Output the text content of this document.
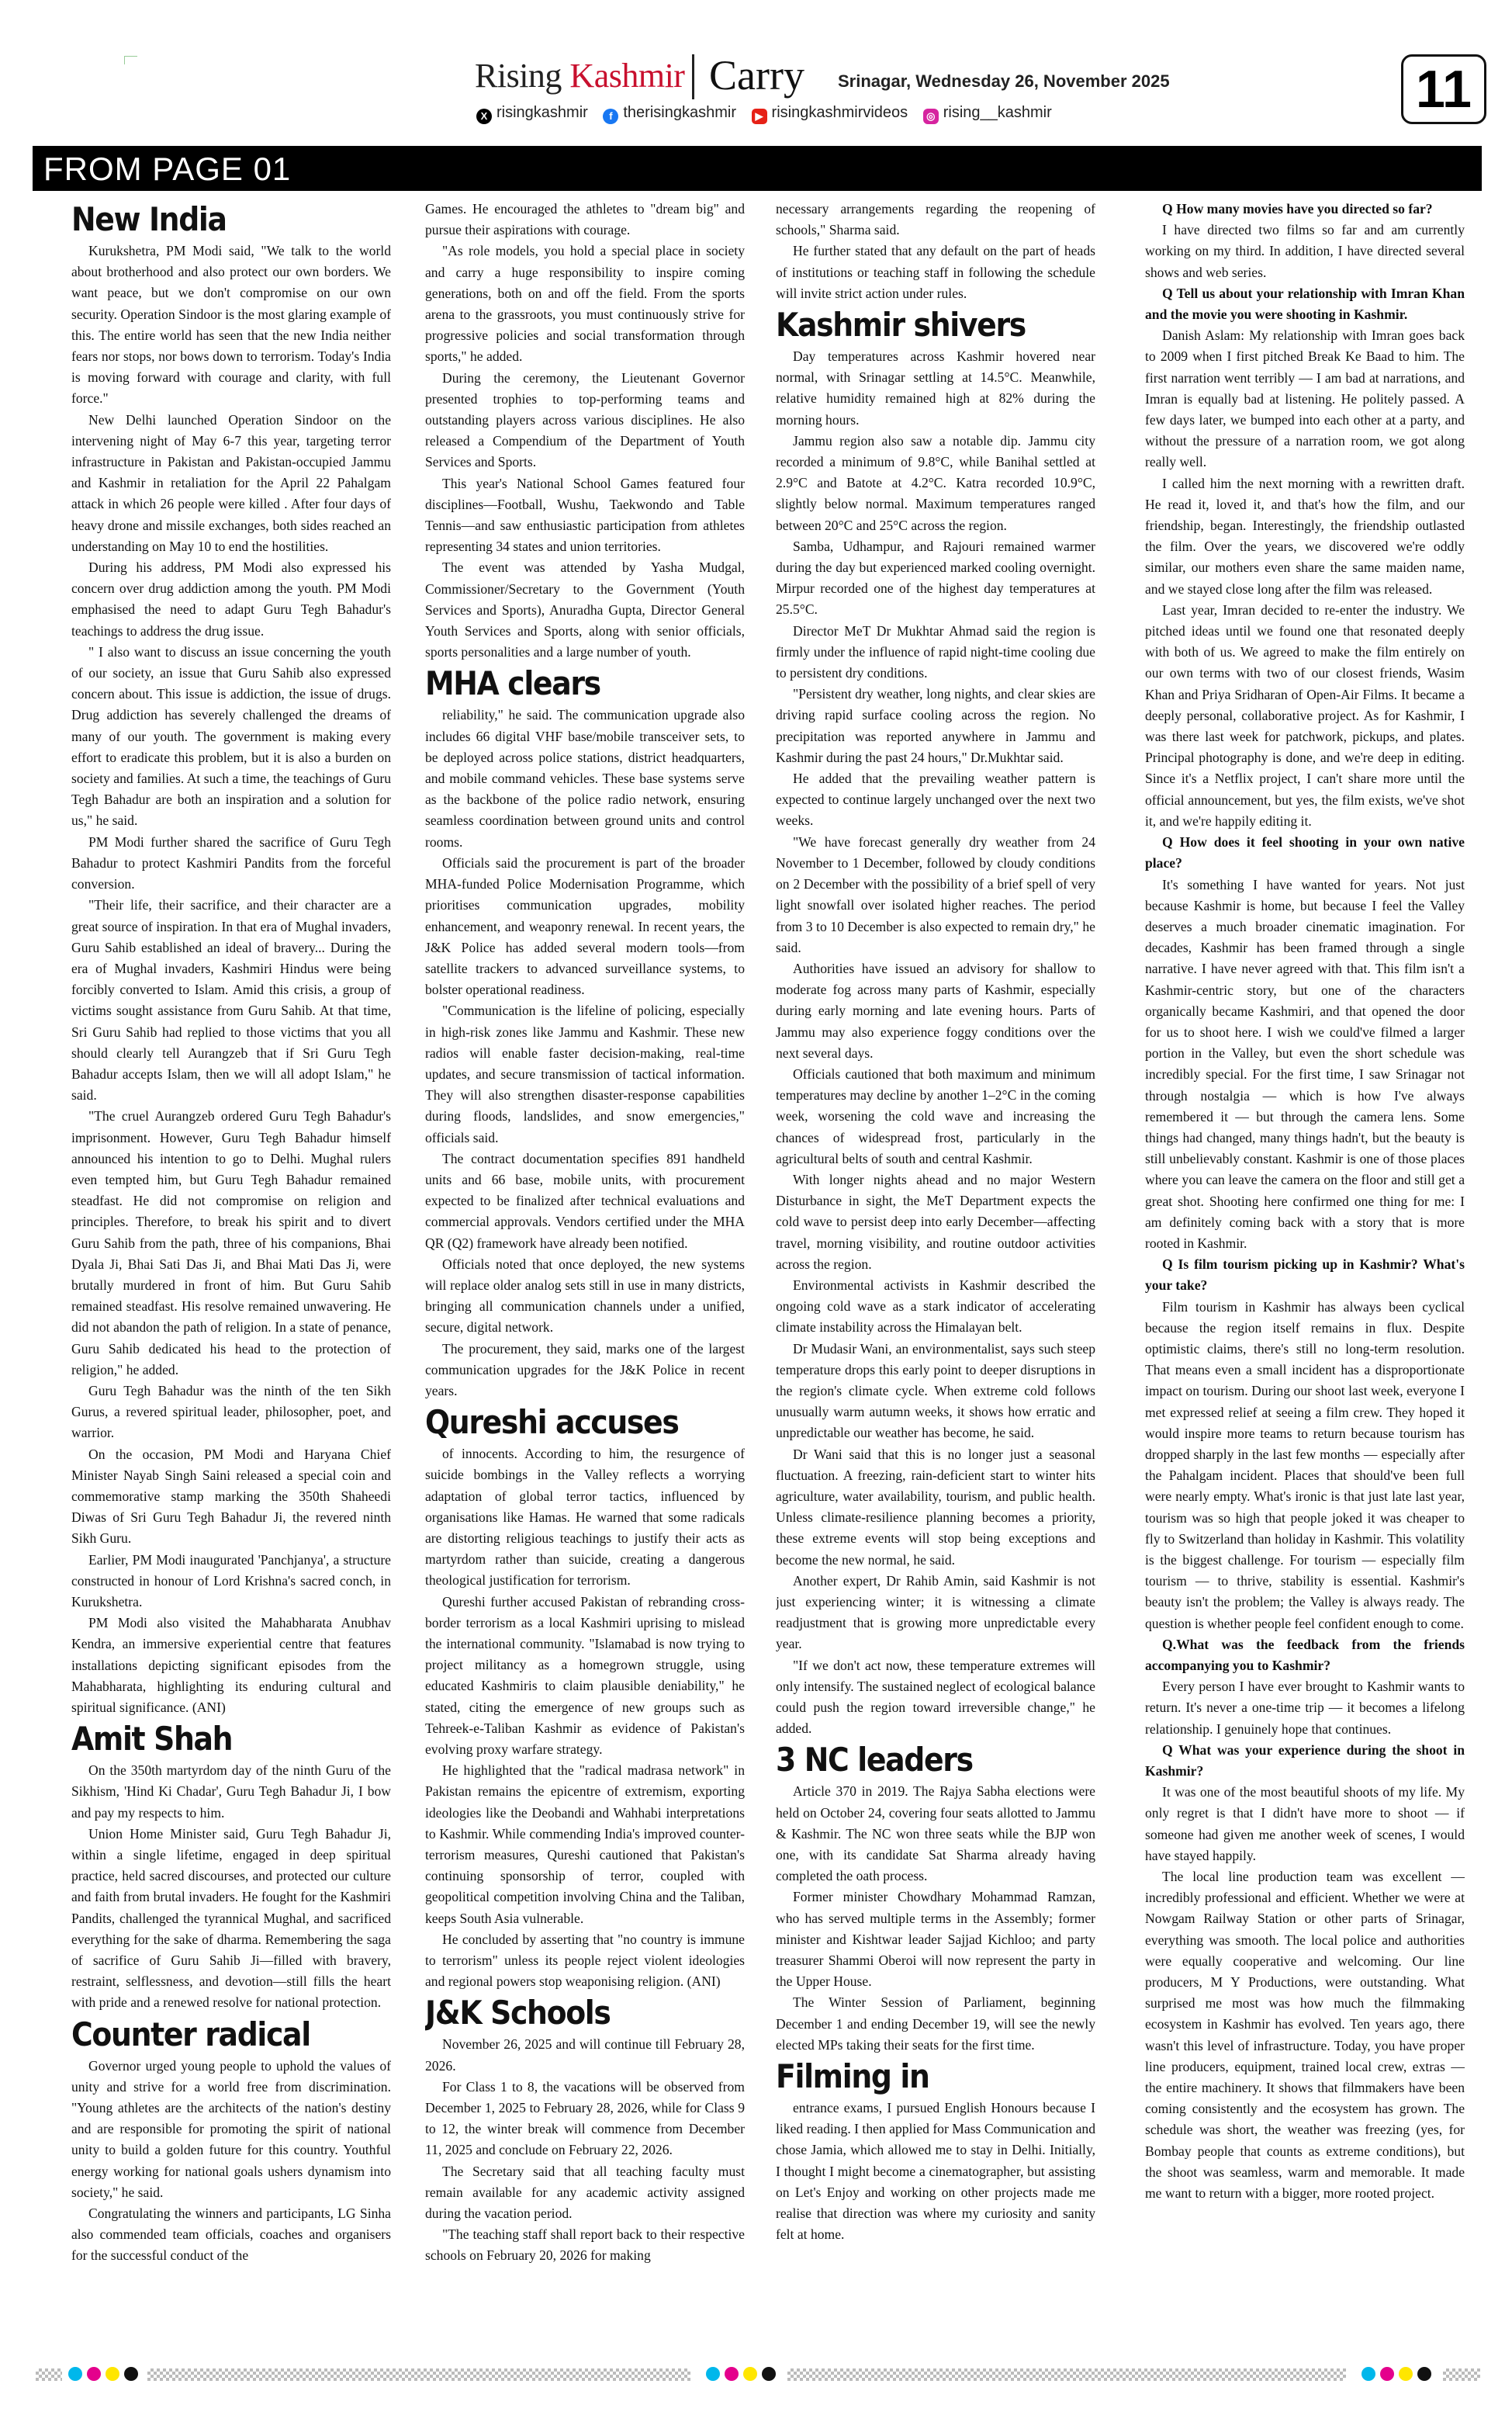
Rising Kashmir Carry Srinagar, Wednesday 26, November 2025	11
X risingkashmir f therisingkashmir ▶ risingkashmirvideos ◎ rising__kashmir
FROM PAGE 01
New India

Kurukshetra, PM Modi said, "We talk to the world about brotherhood and also protect our own borders. We want peace, but we don't compromise on our own security. Operation Sindoor is the most glaring example of this. The entire world has seen that the new India neither fears nor stops, nor bows down to terrorism. Today's India is moving forward with courage and clarity, with full force."

New Delhi launched Operation Sindoor on the intervening night of May 6-7 this year, targeting terror infrastructure in Pakistan and Pakistan-occupied Jammu and Kashmir in retaliation for the April 22 Pahalgam attack in which 26 people were killed . After four days of heavy drone and missile exchanges, both sides reached an understanding on May 10 to end the hostilities.

During his address, PM Modi also expressed his concern over drug addiction among the youth. PM Modi emphasised the need to adapt Guru Tegh Bahadur's teachings to address the drug issue.

" I also want to discuss an issue concerning the youth of our society, an issue that Guru Sahib also expressed concern about. This issue is addiction, the issue of drugs. Drug addiction has severely challenged the dreams of many of our youth. The government is making every effort to eradicate this problem, but it is also a burden on society and families. At such a time, the teachings of Guru Tegh Bahadur are both an inspiration and a solution for us," he said.

PM Modi further shared the sacrifice of Guru Tegh Bahadur to protect Kashmiri Pandits from the forceful conversion.

"Their life, their sacrifice, and their character are a great source of inspiration. In that era of Mughal invaders, Guru Sahib established an ideal of bravery... During the era of Mughal invaders, Kashmiri Hindus were being forcibly converted to Islam. Amid this crisis, a group of victims sought assistance from Guru Sahib. At that time, Sri Guru Sahib had replied to those victims that you all should clearly tell Aurangzeb that if Sri Guru Tegh Bahadur accepts Islam, then we will all adopt Islam," he said.

"The cruel Aurangzeb ordered Guru Tegh Bahadur's imprisonment. However, Guru Tegh Bahadur himself announced his intention to go to Delhi. Mughal rulers even tempted him, but Guru Tegh Bahadur remained steadfast. He did not compromise on religion and principles. Therefore, to break his spirit and to divert Guru Sahib from the path, three of his companions, Bhai Dyala Ji, Bhai Sati Das Ji, and Bhai Mati Das Ji, were brutally murdered in front of him. But Guru Sahib remained steadfast. His resolve remained unwavering. He did not abandon the path of religion. In a state of penance, Guru Sahib dedicated his head to the protection of religion," he added.

Guru Tegh Bahadur was the ninth of the ten Sikh Gurus, a revered spiritual leader, philosopher, poet, and warrior.

On the occasion, PM Modi and Haryana Chief Minister Nayab Singh Saini released a special coin and commemorative stamp marking the 350th Shaheedi Diwas of Sri Guru Tegh Bahadur Ji, the revered ninth Sikh Guru.

Earlier, PM Modi inaugurated 'Panchjanya', a structure constructed in honour of Lord Krishna's sacred conch, in Kurukshetra.

PM Modi also visited the Mahabharata Anubhav Kendra, an immersive experiential centre that features installations depicting significant episodes from the Mahabharata, highlighting its enduring cultural and spiritual significance. (ANI)

Amit Shah

On the 350th martyrdom day of the ninth Guru of the Sikhism, 'Hind Ki Chadar', Guru Tegh Bahadur Ji, I bow and pay my respects to him.

Union Home Minister said, Guru Tegh Bahadur Ji, within a single lifetime, engaged in deep spiritual practice, held sacred discourses, and protected our culture and faith from brutal invaders. He fought for the Kashmiri Pandits, challenged the tyrannical Mughal, and sacrificed everything for the sake of dharma. Remembering the saga of sacrifice of Guru Sahib Ji—filled with bravery, restraint, selflessness, and devotion—still fills the heart with pride and a renewed resolve for national protection.

Counter radical

Governor urged young people to uphold the values of unity and strive for a world free from discrimination. "Young athletes are the architects of the nation's destiny and are responsible for promoting the spirit of national unity to build a golden future for this country. Youthful energy working for national goals ushers dynamism into society," he said.

Congratulating the winners and participants, LG Sinha also commended team officials, coaches and organisers for the successful conduct of the

Games. He encouraged the athletes to "dream big" and pursue their aspirations with courage.

"As role models, you hold a special place in society and carry a huge responsibility to inspire coming generations, both on and off the field. From the sports arena to the grassroots, you must continuously strive for progressive policies and social transformation through sports," he added.

During the ceremony, the Lieutenant Governor presented trophies to top-performing teams and outstanding players across various disciplines. He also released a Compendium of the Department of Youth Services and Sports.

This year's National School Games featured four disciplines—Football, Wushu, Taekwondo and Table Tennis—and saw enthusiastic participation from athletes representing 34 states and union territories.

The event was attended by Yasha Mudgal, Commissioner/Secretary to the Government (Youth Services and Sports), Anuradha Gupta, Director General Youth Services and Sports, along with senior officials, sports personalities and a large number of youth.

MHA clears

reliability," he said. The communication upgrade also includes 66 digital VHF base/mobile transceiver sets, to be deployed across police stations, district headquarters, and mobile command vehicles. These base systems serve as the backbone of the police radio network, ensuring seamless coordination between ground units and control rooms.

Officials said the procurement is part of the broader MHA-funded Police Modernisation Programme, which prioritises communication upgrades, mobility enhancement, and weaponry renewal. In recent years, the J&K Police has added several modern tools—from satellite trackers to advanced surveillance systems, to bolster operational readiness.

"Communication is the lifeline of policing, especially in high-risk zones like Jammu and Kashmir. These new radios will enable faster decision-making, real-time updates, and secure transmission of tactical information. They will also strengthen disaster-response capabilities during floods, landslides, and snow emergencies," officials said.

The contract documentation specifies 891 handheld units and 66 base, mobile units, with procurement expected to be finalized after technical evaluations and commercial approvals. Vendors certified under the MHA QR (Q2) framework have already been notified.

Officials noted that once deployed, the new systems will replace older analog sets still in use in many districts, bringing all communication channels under a unified, secure, digital network.

The procurement, they said, marks one of the largest communication upgrades for the J&K Police in recent years.

Qureshi accuses

of innocents. According to him, the resurgence of suicide bombings in the Valley reflects a worrying adaptation of global terror tactics, influenced by organisations like Hamas. He warned that some radicals are distorting religious teachings to justify their acts as martyrdom rather than suicide, creating a dangerous theological justification for terrorism.

Qureshi further accused Pakistan of rebranding cross-border terrorism as a local Kashmiri uprising to mislead the international community. "Islamabad is now trying to project militancy as a homegrown struggle, using educated Kashmiris to claim plausible deniability," he stated, citing the emergence of new groups such as Tehreek-e-Taliban Kashmir as evidence of Pakistan's evolving proxy warfare strategy.

He highlighted that the "radical madrasa network" in Pakistan remains the epicentre of extremism, exporting ideologies like the Deobandi and Wahhabi interpretations to Kashmir. While commending India's improved counter-terrorism measures, Qureshi cautioned that Pakistan's continuing sponsorship of terror, coupled with geopolitical competition involving China and the Taliban, keeps South Asia vulnerable.

He concluded by asserting that "no country is immune to terrorism" unless its people reject violent ideologies and regional powers stop weaponising religion. (ANI)

J&K Schools

November 26, 2025 and will continue till February 28, 2026.

For Class 1 to 8, the vacations will be observed from December 1, 2025 to February 28, 2026, while for Class 9 to 12, the winter break will commence from December 11, 2025 and conclude on February 22, 2026.

The Secretary said that all teaching faculty must remain available for any academic activity assigned during the vacation period.

"The teaching staff shall report back to their respective schools on February 20, 2026 for making

necessary arrangements regarding the reopening of schools," Sharma said.

He further stated that any default on the part of heads of institutions or teaching staff in following the schedule will invite strict action under rules.

Kashmir shivers

Day temperatures across Kashmir hovered near normal, with Srinagar settling at 14.5°C. Meanwhile, relative humidity remained high at 82% during the morning hours.

Jammu region also saw a notable dip. Jammu city recorded a minimum of 9.8°C, while Banihal settled at 2.9°C and Batote at 4.2°C. Katra recorded 10.9°C, slightly below normal. Maximum temperatures ranged between 20°C and 25°C across the region.

Samba, Udhampur, and Rajouri remained warmer during the day but experienced marked cooling overnight. Mirpur recorded one of the highest day temperatures at 25.5°C.

Director MeT Dr Mukhtar Ahmad said the region is firmly under the influence of rapid night-time cooling due to persistent dry conditions.

"Persistent dry weather, long nights, and clear skies are driving rapid surface cooling across the region. No precipitation was reported anywhere in Jammu and Kashmir during the past 24 hours," Dr.Mukhtar said.

He added that the prevailing weather pattern is expected to continue largely unchanged over the next two weeks.

"We have forecast generally dry weather from 24 November to 1 December, followed by cloudy conditions on 2 December with the possibility of a brief spell of very light snowfall over isolated higher reaches. The period from 3 to 10 December is also expected to remain dry," he said.

Authorities have issued an advisory for shallow to moderate fog across many parts of Kashmir, especially during early morning and late evening hours. Parts of Jammu may also experience foggy conditions over the next several days.

Officials cautioned that both maximum and minimum temperatures may decline by another 1–2°C in the coming week, worsening the cold wave and increasing the chances of widespread frost, particularly in the agricultural belts of south and central Kashmir.

With longer nights ahead and no major Western Disturbance in sight, the MeT Department expects the cold wave to persist deep into early December—affecting travel, morning visibility, and routine outdoor activities across the region.

Environmental activists in Kashmir described the ongoing cold wave as a stark indicator of accelerating climate instability across the Himalayan belt.

Dr Mudasir Wani, an environmentalist, says such steep temperature drops this early point to deeper disruptions in the region's climate cycle. When extreme cold follows unusually warm autumn weeks, it shows how erratic and unpredictable our weather has become, he said.

Dr Wani said that this is no longer just a seasonal fluctuation. A freezing, rain-deficient start to winter hits agriculture, water availability, tourism, and public health. Unless climate-resilience planning becomes a priority, these extreme events will stop being exceptions and become the new normal, he said.

Another expert, Dr Rahib Amin, said Kashmir is not just experiencing winter; it is witnessing a climate readjustment that is growing more unpredictable every year.

"If we don't act now, these temperature extremes will only intensify. The sustained neglect of ecological balance could push the region toward irreversible change," he added.

3 NC leaders

Article 370 in 2019. The Rajya Sabha elections were held on October 24, covering four seats allotted to Jammu & Kashmir. The NC won three seats while the BJP won one, with its candidate Sat Sharma already having completed the oath process.

Former minister Chowdhary Mohammad Ramzan, who has served multiple terms in the Assembly; former minister and Kishtwar leader Sajjad Kichloo; and party treasurer Shammi Oberoi will now represent the party in the Upper House.

The Winter Session of Parliament, beginning December 1 and ending December 19, will see the newly elected MPs taking their seats for the first time.

Filming in

entrance exams, I pursued English Honours because I liked reading. I then applied for Mass Communication and chose Jamia, which allowed me to stay in Delhi. Initially, I thought I might become a cinematographer, but assisting on Let's Enjoy and working on other projects made me realise that direction was where my curiosity and sanity felt at home.

Q How many movies have you directed so far?

I have directed two films so far and am currently working on my third. In addition, I have directed several shows and web series.

Q Tell us about your relationship with Imran Khan and the movie you were shooting in Kashmir.

Danish Aslam: My relationship with Imran goes back to 2009 when I first pitched Break Ke Baad to him. The first narration went terribly — I am bad at narrations, and Imran is equally bad at listening. He politely passed. A few days later, we bumped into each other at a party, and without the pressure of a narration room, we got along really well.

I called him the next morning with a rewritten draft. He read it, loved it, and that's how the film, and our friendship, began. Interestingly, the friendship outlasted the film. Over the years, we discovered we're oddly similar, our mothers even share the same maiden name, and we stayed close long after the film was released.

Last year, Imran decided to re-enter the industry. We pitched ideas until we found one that resonated deeply with both of us. We agreed to make the film entirely on our own terms with two of our closest friends, Wasim Khan and Priya Sridharan of Open-Air Films. It became a deeply personal, collaborative project. As for Kashmir, I was there last week for patchwork, pickups, and plates. Principal photography is done, and we're deep in editing. Since it's a Netflix project, I can't share more until the official announcement, but yes, the film exists, we've shot it, and we're happily editing it.

Q How does it feel shooting in your own native place?

It's something I have wanted for years. Not just because Kashmir is home, but because I feel the Valley deserves a much broader cinematic imagination. For decades, Kashmir has been framed through a single narrative. I have never agreed with that. This film isn't a Kashmir-centric story, but one of the characters organically became Kashmiri, and that opened the door for us to shoot here. I wish we could've filmed a larger portion in the Valley, but even the short schedule was incredibly special. For the first time, I saw Srinagar not through nostalgia — which is how I've always remembered it — but through the camera lens. Some things had changed, many things hadn't, but the beauty is still unbelievably constant. Kashmir is one of those places where you can leave the camera on the floor and still get a great shot. Shooting here confirmed one thing for me: I am definitely coming back with a story that is more rooted in Kashmir.

Q Is film tourism picking up in Kashmir? What's your take?

Film tourism in Kashmir has always been cyclical because the region itself remains in flux. Despite optimistic claims, there's still no long-term resolution. That means even a small incident has a disproportionate impact on tourism. During our shoot last week, everyone I met expressed relief at seeing a film crew. They hoped it would inspire more teams to return because tourism has dropped sharply in the last few months — especially after the Pahalgam incident. Places that should've been full were nearly empty. What's ironic is that just late last year, tourism was so high that people joked it was cheaper to fly to Switzerland than holiday in Kashmir. This volatility is the biggest challenge. For tourism — especially film tourism — to thrive, stability is essential. Kashmir's beauty isn't the problem; the Valley is always ready. The question is whether people feel confident enough to come.

Q.What was the feedback from the friends accompanying you to Kashmir?

Every person I have ever brought to Kashmir wants to return. It's never a one-time trip — it becomes a lifelong relationship. I genuinely hope that continues.

Q What was your experience during the shoot in Kashmir?

It was one of the most beautiful shoots of my life. My only regret is that I didn't have more to shoot — if someone had given me another week of scenes, I would have stayed happily.

The local line production team was excellent — incredibly professional and efficient. Whether we were at Nowgam Railway Station or other parts of Srinagar, everything was smooth. The local police and authorities were equally cooperative and welcoming. Our line producers, M Y Productions, were outstanding. What surprised me most was how much the filmmaking ecosystem in Kashmir has evolved. Ten years ago, there wasn't this level of infrastructure. Today, you have proper line producers, equipment, trained local crew, extras — the entire machinery. It shows that filmmakers have been coming consistently and the ecosystem has grown. The schedule was short, the weather was freezing (yes, for Bombay people that counts as extreme conditions), but the shoot was seamless, warm and memorable. It made me want to return with a bigger, more rooted project.
